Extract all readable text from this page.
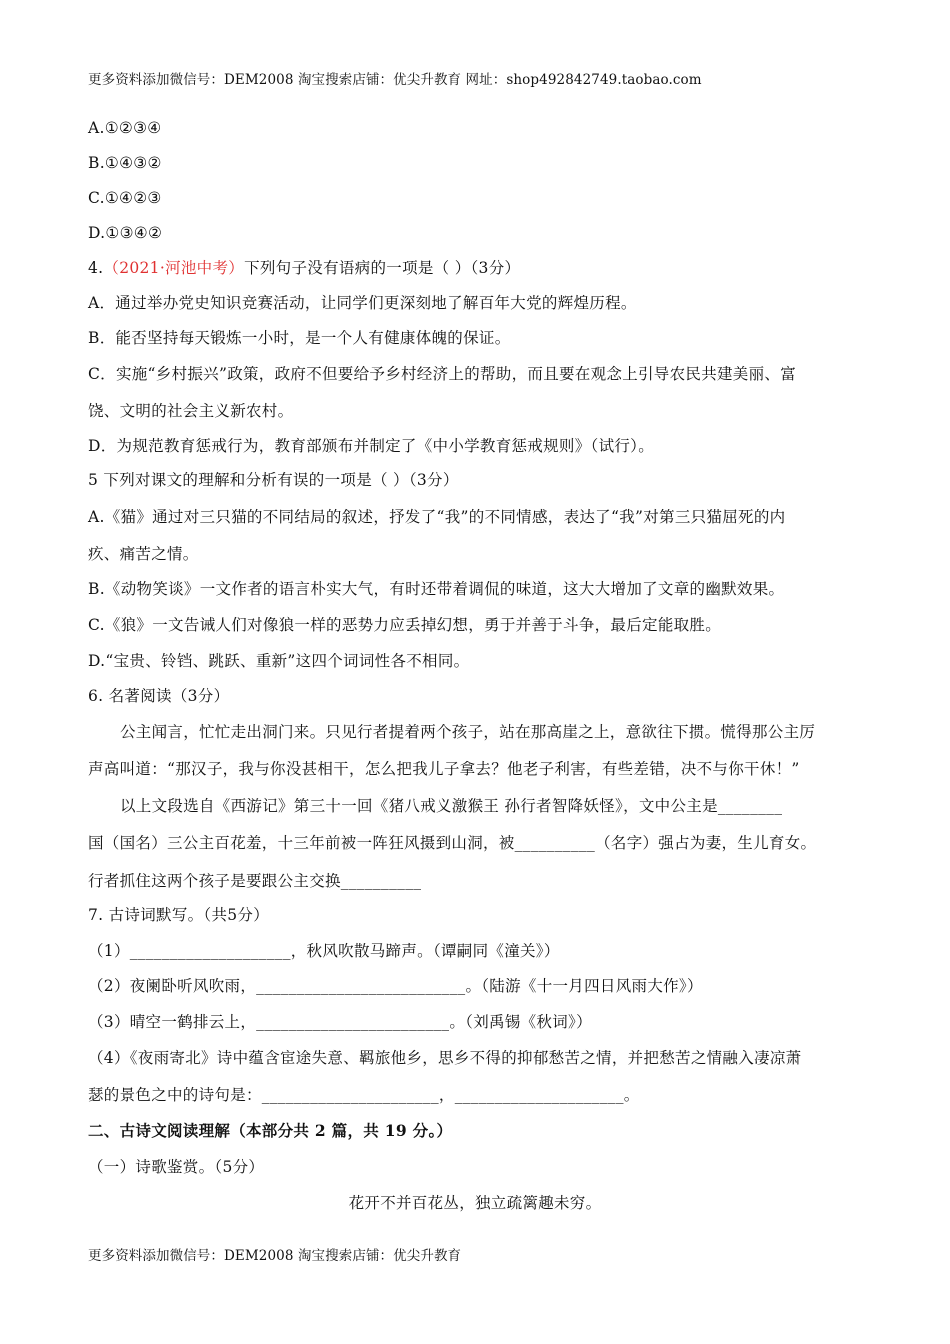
更多资料添加微信号：DEM2008 淘宝搜索店铺：优尖升教育 网址：shop492842749.taobao.com
A.①②③④
B.①④③②
C.①④②③
D.①③④②
4.（2021·河池中考）下列句子没有语病的一项是（ ）（3分）
A．通过举办党史知识竞赛活动，让同学们更深刻地了解百年大党的辉煌历程。
B．能否坚持每天锻炼一小时，是一个人有健康体魄的保证。
C．实施“乡村振兴”政策，政府不但要给予乡村经济上的帮助，而且要在观念上引导农民共建美丽、富
饶、文明的社会主义新农村。
D．为规范教育惩戒行为，教育部颁布并制定了《中小学教育惩戒规则》（试行）。
5 下列对课文的理解和分析有误的一项是（ ）（3分）
A.《猫》通过对三只猫的不同结局的叙述，抒发了“我”的不同情感，表达了“我”对第三只猫屈死的内
疚、痛苦之情。
B.《动物笑谈》一文作者的语言朴实大气，有时还带着调侃的味道，这大大增加了文章的幽默效果。
C.《狼》一文告诫人们对像狼一样的恶势力应丢掉幻想，勇于并善于斗争，最后定能取胜。
D.“宝贵、铃铛、跳跃、重新”这四个词词性各不相同。
6. 名著阅读（3分）
公主闻言，忙忙走出洞门来。只见行者提着两个孩子，站在那高崖之上，意欲往下掼。慌得那公主厉
声高叫道：“那汉子，我与你没甚相干，怎么把我儿子拿去？他老子利害，有些差错，决不与你干休！”
以上文段选自《西游记》第三十一回《猪八戒义激猴王 孙行者智降妖怪》，文中公主是________
国（国名）三公主百花羞，十三年前被一阵狂风摄到山洞，被__________（名字）强占为妻，生儿育女。
行者抓住这两个孩子是要跟公主交换__________
7. 古诗词默写。（共5分）
（1）____________________，秋风吹散马蹄声。（谭嗣同《潼关》）
（2）夜阑卧听风吹雨，__________________________。（陆游《十一月四日风雨大作》）
（3）晴空一鹤排云上，________________________。（刘禹锡《秋词》）
（4）《夜雨寄北》诗中蕴含宦途失意、羁旅他乡，思乡不得的抑郁愁苦之情，并把愁苦之情融入凄凉萧
瑟的景色之中的诗句是：______________________，_____________________。
二、古诗文阅读理解（本部分共 2 篇，共 19 分。）
（一）诗歌鉴赏。（5分）
花开不并百花丛，独立疏篱趣未穷。
更多资料添加微信号：DEM2008 淘宝搜索店铺：优尖升教育
